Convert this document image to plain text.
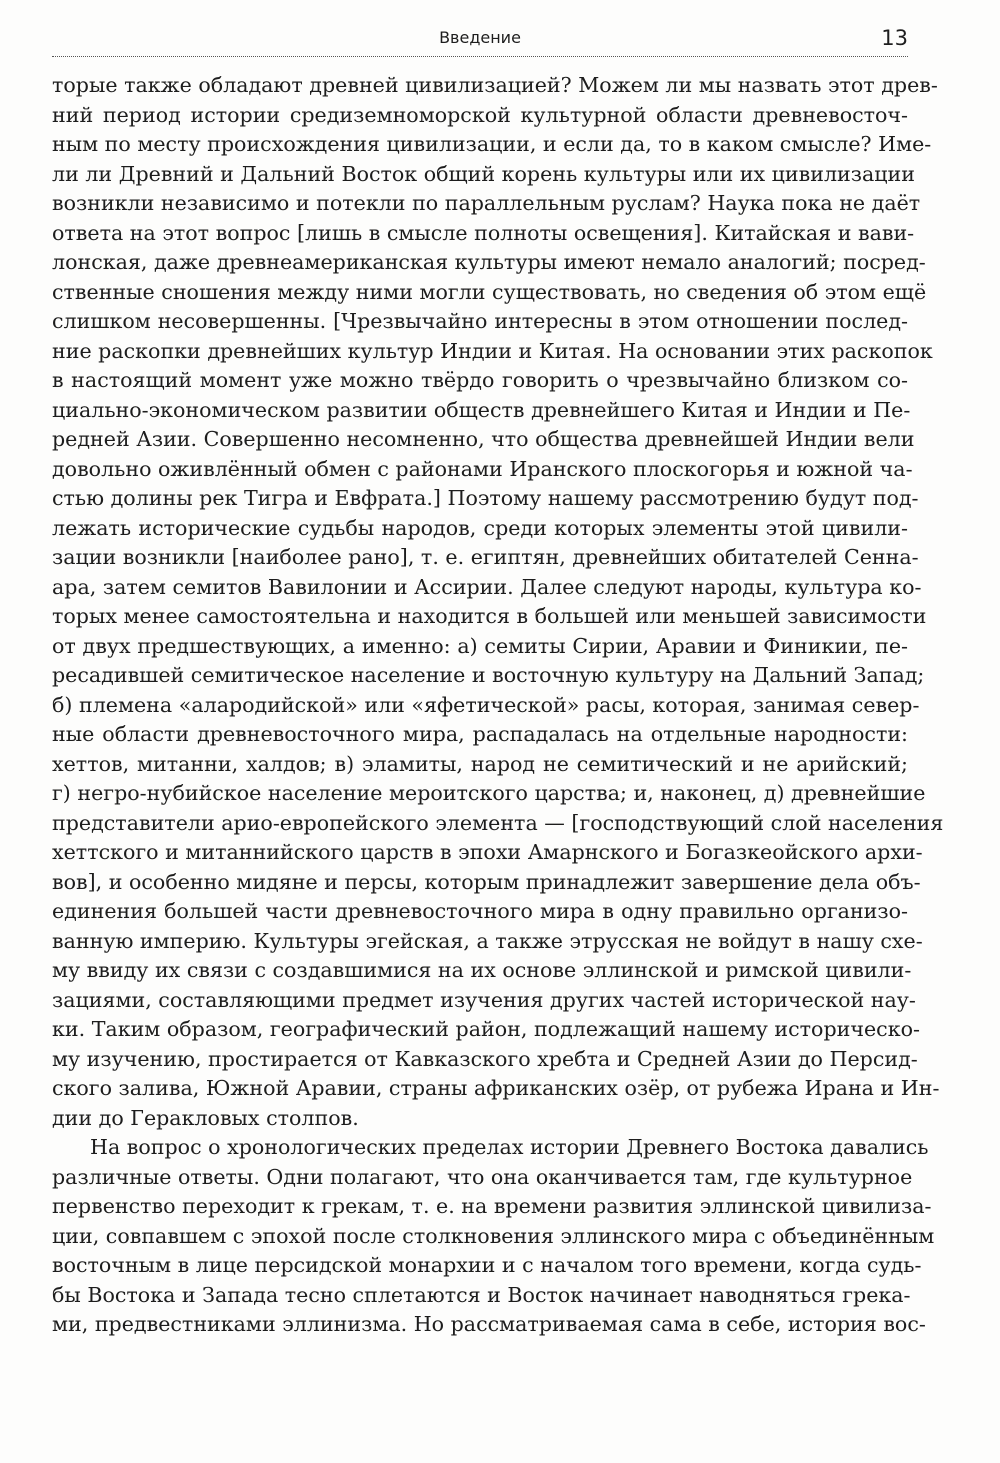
Введение	13

торые также обладают древней цивилизацией? Можем ли мы назвать этот древ-
ний период истории средиземноморской культурной области древневосточ-
ным по месту происхождения цивилизации, и если да, то в каком смысле? Име-
ли ли Древний и Дальний Восток общий корень культуры или их цивилизации
возникли независимо и потекли по параллельным руслам? Наука пока не даёт
ответа на этот вопрос [лишь в смысле полноты освещения]. Китайская и вави-
лонская, даже древнеамериканская культуры имеют немало аналогий; посред-
ственные сношения между ними могли существовать, но сведения об этом ещё
слишком несовершенны. [Чрезвычайно интересны в этом отношении послед-
ние раскопки древнейших культур Индии и Китая. На основании этих раскопок
в настоящий момент уже можно твёрдо говорить о чрезвычайно близком со-
циально-экономическом развитии обществ древнейшего Китая и Индии и Пе-
редней Азии. Совершенно несомненно, что общества древнейшей Индии вели
довольно оживлённый обмен с районами Иранского плоскогорья и южной ча-
стью долины рек Тигра и Евфрата.] Поэтому нашему рассмотрению будут под-
лежать исторические судьбы народов, среди которых элементы этой цивили-
зации возникли [наиболее рано], т. е. египтян, древнейших обитателей Сенна-
ара, затем семитов Вавилонии и Ассирии. Далее следуют народы, культура ко-
торых менее самостоятельна и находится в большей или меньшей зависимости
от двух предшествующих, а именно: а) семиты Сирии, Аравии и Финикии, пе-
ресадившей семитическое население и восточную культуру на Дальний Запад;
б) племена «алародийской» или «яфетической» расы, которая, занимая север-
ные области древневосточного мира, распадалась на отдельные народности:
хеттов, митанни, халдов; в) эламиты, народ не семитический и не арийский;
г) негро-нубийское население мероитского царства; и, наконец, д) древнейшие
представители арио-европейского элемента — [господствующий слой населения
хеттского и митаннийского царств в эпохи Амарнского и Богазкеойского архи-
вов], и особенно мидяне и персы, которым принадлежит завершение дела объ-
единения большей части древневосточного мира в одну правильно организо-
ванную империю. Культуры эгейская, а также этрусская не войдут в нашу схе-
му ввиду их связи с создавшимися на их основе эллинской и римской цивили-
зациями, составляющими предмет изучения других частей исторической нау-
ки. Таким образом, географический район, подлежащий нашему историческо-
му изучению, простирается от Кавказского хребта и Средней Азии до Персид-
ского залива, Южной Аравии, страны африканских озёр, от рубежа Ирана и Ин-
дии до Геракловых столпов.

На вопрос о хронологических пределах истории Древнего Востока давались
различные ответы. Одни полагают, что она оканчивается там, где культурное
первенство переходит к грекам, т. е. на времени развития эллинской цивилиза-
ции, совпавшем с эпохой после столкновения эллинского мира с объединённым
восточным в лице персидской монархии и с началом того времени, когда судь-
бы Востока и Запада тесно сплетаются и Восток начинает наводняться грека-
ми, предвестниками эллинизма. Но рассматриваемая сама в себе, история вос-
